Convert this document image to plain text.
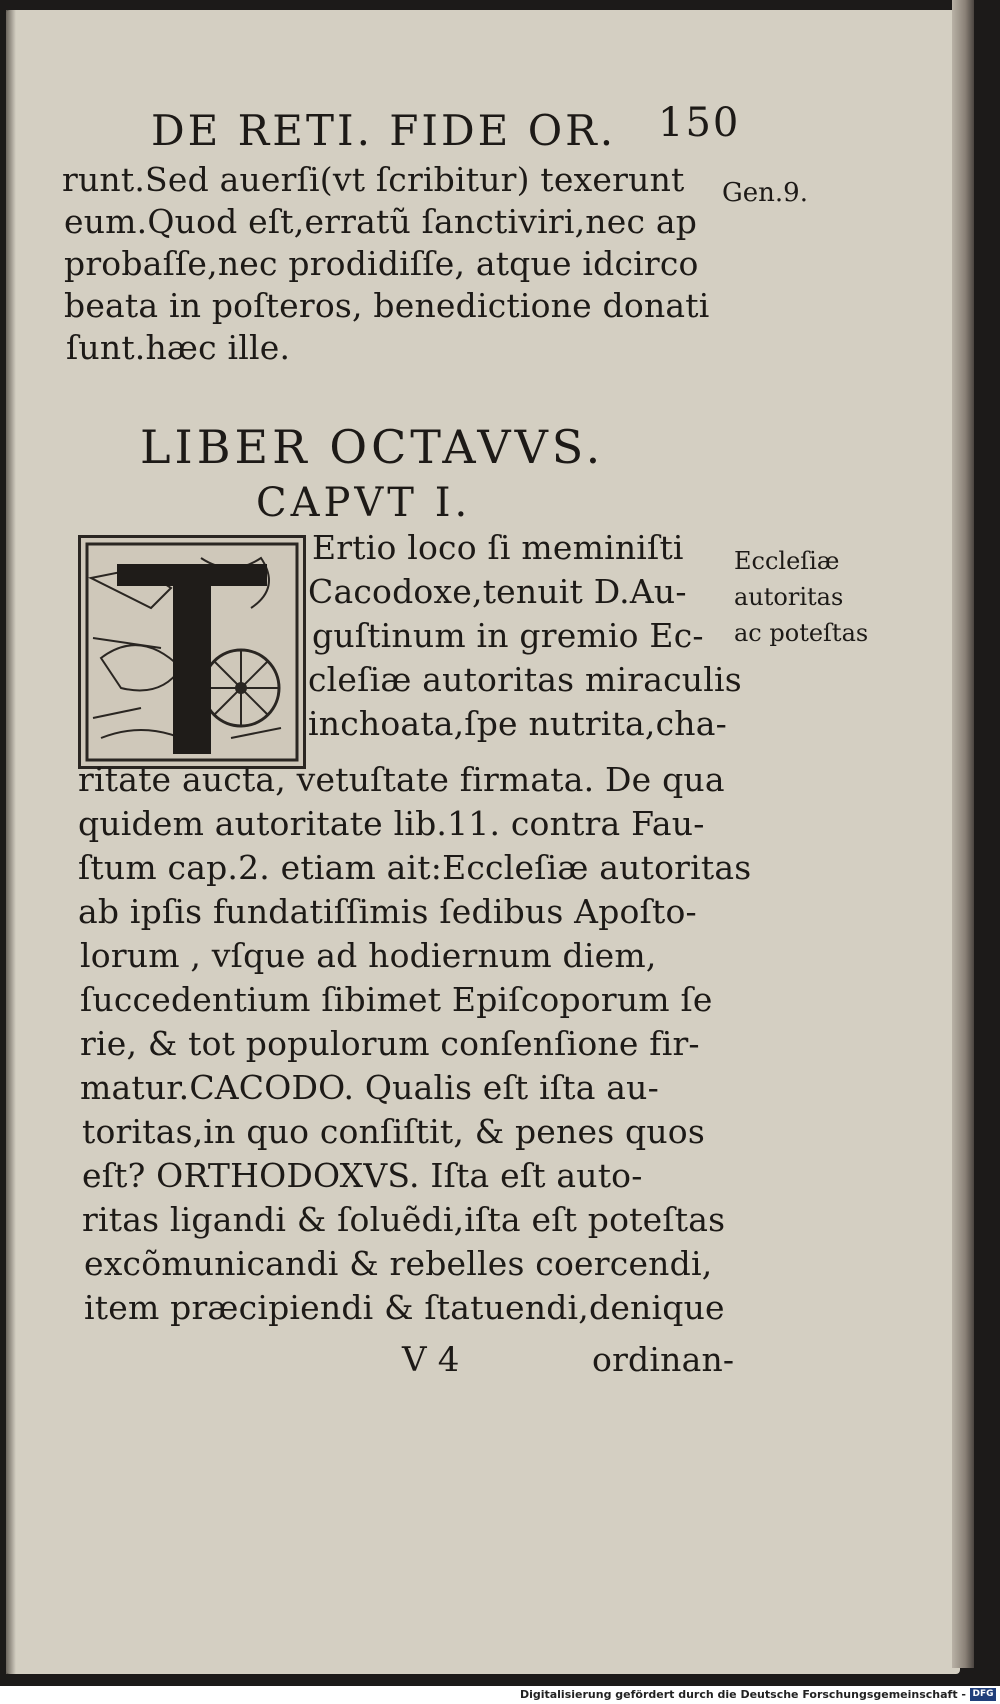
DE RETI. FIDE OR. 150
runt.Sed auerſi(vt ſcribitur) texerunt
eum.Quod eſt,erratũ ſanctiviri,nec ap
probaſſe,nec prodidiſſe, atque idcirco
beata in poſteros, benedictione donati
ſunt.hæc ille.
Gen.9.
LIBER OCTAVVS.
CAPVT I.
Ertio loco ſi meminiſti
Cacodoxe,tenuit D.Au-
guſtinum in gremio Ec-
cleſiæ autoritas miraculis
inchoata,ſpe nutrita,cha-
Eccleſiæ
autoritas
ac poteſtas
ritate aucta, vetuſtate firmata. De qua
quidem autoritate lib.11. contra Fau-
ſtum cap.2. etiam ait:Eccleſiæ autoritas
ab ipſis fundatiſſimis ſedibus Apoſto-
lorum , vſque ad hodiernum diem,
ſuccedentium ſibimet Epiſcoporum ſe
rie, & tot populorum conſenſione fir-
matur.CACODO. Qualis eſt iſta au-
toritas,in quo conſiſtit, & penes quos
eſt? ORTHODOXVS. Iſta eſt auto-
ritas ligandi & ſoluẽdi,iſta eſt poteſtas
excõmunicandi & rebelles coercendi,
item præcipiendi & ſtatuendi,denique
V 4	ordinan-
Digitalisierung gefördert durch die Deutsche Forschungsgemeinschaft - DFG
